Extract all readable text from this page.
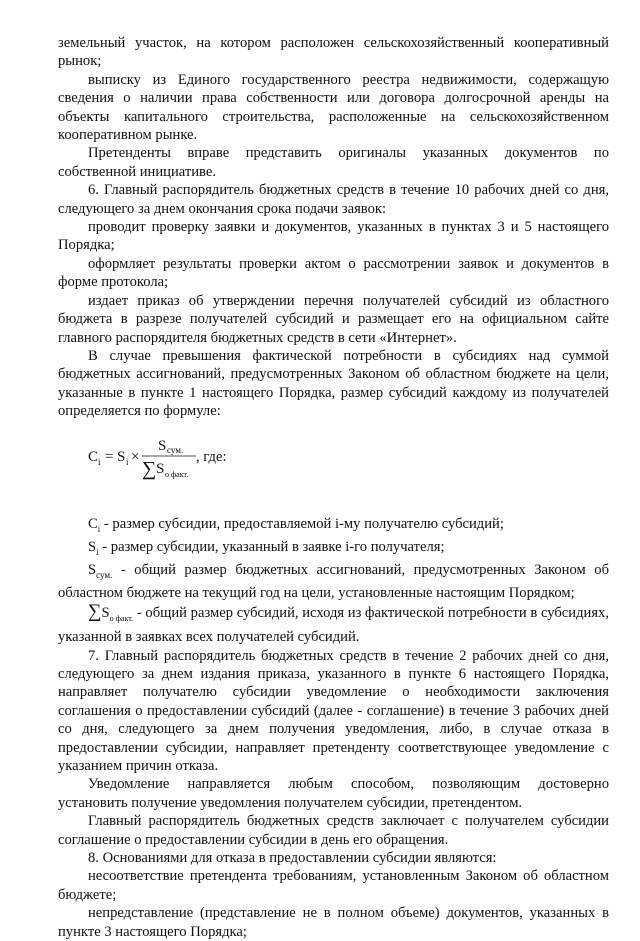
земельный участок, на котором расположен сельскохозяйственный кооперативный рынок;

выписку из Единого государственного реестра недвижимости, содержащую сведения о наличии права собственности или договора долгосрочной аренды на объекты капитального строительства, расположенные на сельскохозяйственном кооперативном рынке.

Претенденты вправе представить оригиналы указанных документов по собственной инициативе.

6. Главный распорядитель бюджетных средств в течение 10 рабочих дней со дня, следующего за днем окончания срока подачи заявок:

проводит проверку заявки и документов, указанных в пунктах 3 и 5 настоящего Порядка;

оформляет результаты проверки актом о рассмотрении заявок и документов в форме протокола;

издает приказ об утверждении перечня получателей субсидий из областного бюджета в разрезе получателей субсидий и размещает его на официальном сайте главного распорядителя бюджетных средств в сети «Интернет».

В случае превышения фактической потребности в субсидиях над суммой бюджетных ассигнований, предусмотренных Законом об областном бюджете на цели, указанные в пункте 1 настоящего Порядка, размер субсидий каждому из получателей определяется по формуле:

C i = S i ×
S сум.
∑ S о факт.
, где:

$C_i$ - размер субсидии, предоставляемой i-му получателю субсидий;

$S_i$ - размер субсидии, указанный в заявке i-го получателя;

$S_{сум.}$ - общий размер бюджетных ассигнований, предусмотренных Законом об областном бюджете на текущий год на цели, установленные настоящим Порядком;

$\sum S_{о факт.}$ - общий размер субсидий, исходя из фактической потребности в субсидиях, указанной в заявках всех получателей субсидий.

7. Главный распорядитель бюджетных средств в течение 2 рабочих дней со дня, следующего за днем издания приказа, указанного в пункте 6 настоящего Порядка, направляет получателю субсидии уведомление о необходимости заключения соглашения о предоставлении субсидий (далее - соглашение) в течение 3 рабочих дней со дня, следующего за днем получения уведомления, либо, в случае отказа в предоставлении субсидии, направляет претенденту соответствующее уведомление с указанием причин отказа.

Уведомление направляется любым способом, позволяющим достоверно установить получение уведомления получателем субсидии, претендентом.

Главный распорядитель бюджетных средств заключает с получателем субсидии соглашение о предоставлении субсидии в день его обращения.

8. Основаниями для отказа в предоставлении субсидии являются:

несоответствие претендента требованиям, установленным Законом об областном бюджете;

непредставление (представление не в полном объеме) документов, указанных в пункте 3 настоящего Порядка;
